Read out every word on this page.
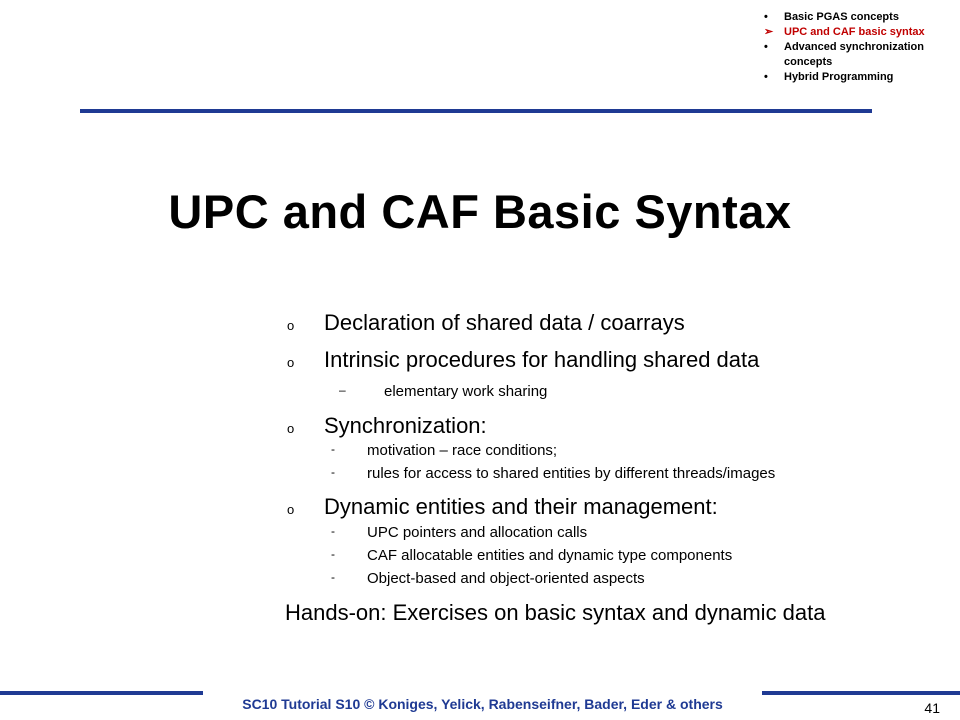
•	Basic PGAS concepts
➢ UPC and CAF basic syntax
•	Advanced synchronization concepts
•	Hybrid Programming
UPC and CAF Basic Syntax
o Declaration of shared data / coarrays
o Intrinsic procedures for handling shared data
–	elementary work sharing
o Synchronization:
- motivation – race conditions;
- rules for access to shared entities by different threads/images
o Dynamic entities and their management:
- UPC pointers and allocation calls
- CAF allocatable entities and dynamic type components
- Object-based and object-oriented aspects
Hands-on: Exercises on basic syntax and dynamic data
SC10 Tutorial S10 © Koniges, Yelick, Rabenseifner, Bader, Eder & others	41
